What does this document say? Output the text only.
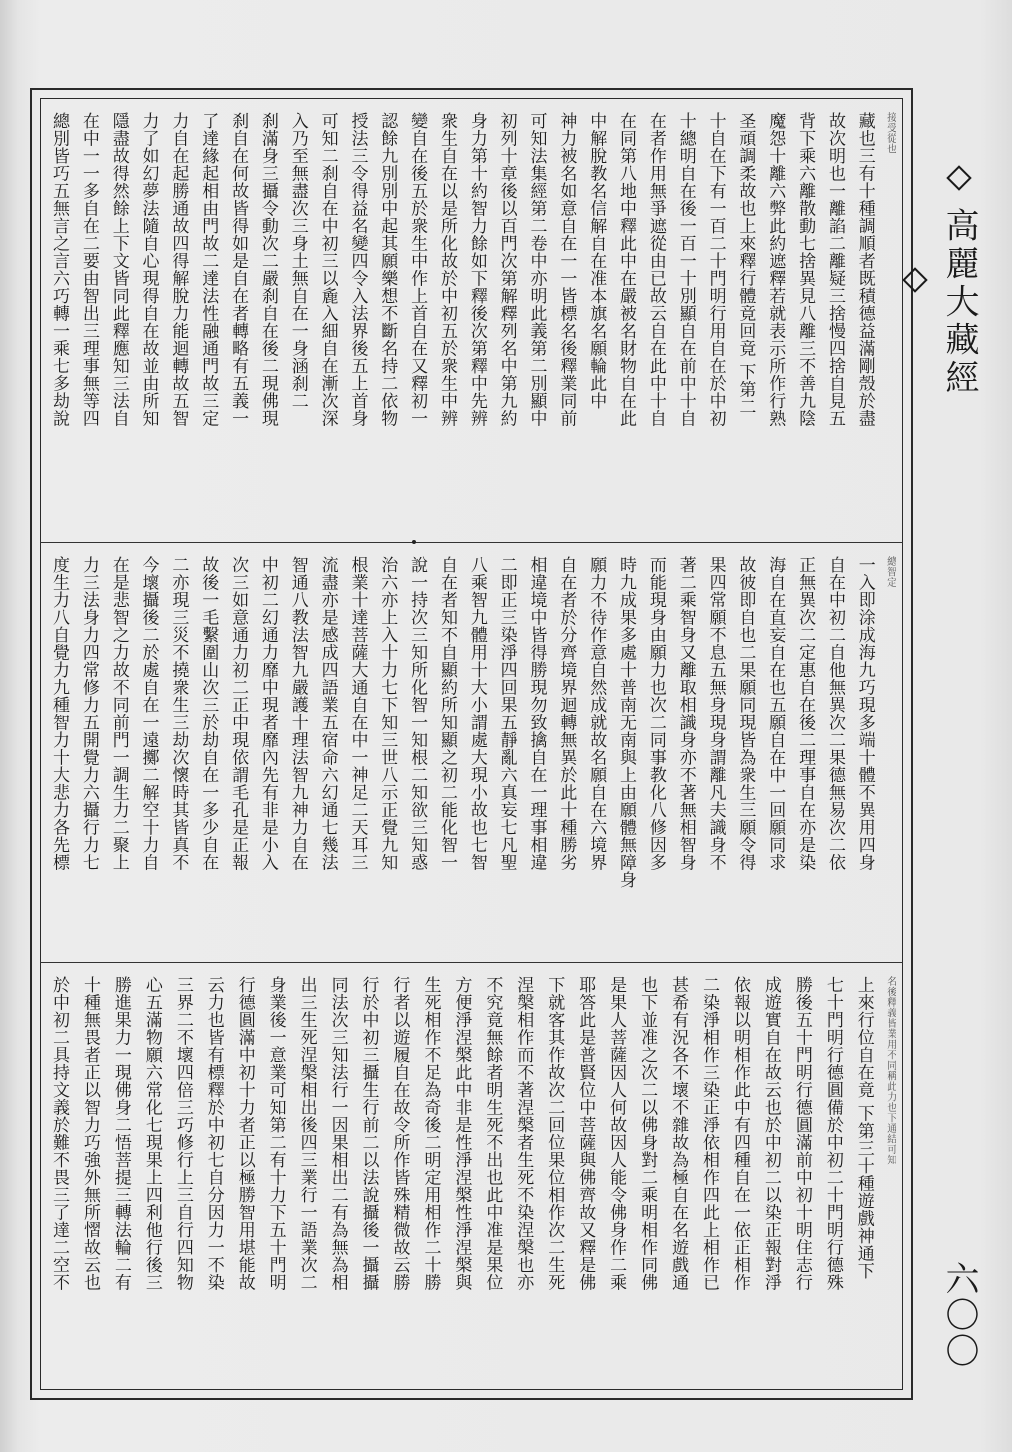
高麗大藏經
六〇〇
接受從也
藏也三有十種調順者既積德益滿剛殼於盡
故次明也一離諂二離疑三捨慢四捨自見五
背下乘六離散動七捨異見八離三不善九陰
魔怨十離六弊此約遮釋若就表示所作行熟
圣頑調柔故也上來釋行體竟回竟 下第二
十自在下有一百二十門明行用自在於中初
十總明自在後一百一十別顯自在前中十自
在者作用無爭遮從由已故云自在此中十自
在同第八地中釋此中在嚴被名財物自在此
中解脫教名信解自在准本旗名願輪此中
神力被名如意自在一一皆標名後釋業同前
可知法集經第二卷中亦明此義第二別顯中
初列十章後以百門次第解釋列名中第九約
身力第十約智力餘如下釋後次第釋中先辨
衆生自在以是所化故於中初五於衆生中辨
變自在後五於衆生中作上首自在又釋初一
認餘九別別中起其願樂想不斷名持二依物
授法三令得益名變四令入法界後五上首身
可知二刹自在中初三以麁入細自在漸次深
入乃至無盡次三身土無自在一身涵刹二
刹滿身三攝令動次二嚴刹自在後二現佛現
刹自在何故皆得如是自在者轉略有五義一
了達緣起相由門故二達法性融通門故三定
力自在起勝通故四得解脫力能迴轉故五智
力了如幻夢法隨自心現得自在故並由所知
隱盡故得然餘上下文皆同此釋應知三法自
在中一一多自在二要由智出三理事無等四
總別皆巧五無言之言六巧轉一乘七多劫說
總智定
一入即涂成海九巧現多端十體不異用四身
自在中初二自他無異次二果德無易次二依
正無異次二定惠自在後二理事自在亦是染
海自在直妄自在也五願自在中一回願同求
故彼即自也二果願同現皆為衆生三願令得
果四常願不息五無身現身謂離凡夫識身不
著二乘智身又離取相識身亦不著無相智身
而能現身由願力也次二同事教化八修因多
時九成果多處十普南无南與上由願體無障身
願力不待作意自然成就故名願自在六境界
自在者於分齊境界迴轉無異於此十種勝劣
相違境中皆得勝現勿致擒自在一理事相違
二即正三染淨四回果五靜亂六真妄七凡聖
八乘智九體用十大小謂處大現小故也七智
自在者知不自顯約所知顯之初二能化智一
說一持次三知所化智一知根二知欲三知惑
治六亦上入十力七下知三世八示正覺九知
根業十達菩薩大通自在中一神足二天耳三
流盡亦是感成四語業五宿命六幻通七幾法
智通八教法智九嚴護十理法智九神力自在
中初二幻通力靡中現者靡內先有非是小入
次三如意通力初二正中現依謂毛孔是正報
故後一毛繫圍山次三於劫自在一多少自在
二亦現三災不撓衆生三劫次懷時其皆真不
今壞攝後二於處自在一遠擲二解空十力自
在是悲智之力故不同前門一調生力二聚上
力三法身力四常修力五開覺力六攝行力七
度生力八自覺力九種智力十大悲力各先標
名後釋義皆業用不同稱此力也下通結可知
上來行位自在竟 下第三十種遊戲神通下
七十門明行德圓備於中初二十門明行德殊
勝後五十門明行德圓滿前中初十明住志行
成遊實自在故云也於中初二以染正報對淨
依報以明相作此中有四種自在一依正相作
二染淨相作三染正淨依相作四此上相作已
甚希有況各不壞不雜故為極自在名遊戲通
也下並准之次二以佛身對二乘明相作同佛
是果人菩薩因人何故因人能令佛身作二乘
耶答此是普賢位中菩薩與佛齊故又釋是佛
下就客其作故次二回位果位相作次二生死
涅槃相作而不著涅槃者生死不染涅槃也亦
不究竟無餘者明生死不出也此中准是果位
方便淨涅槃此中非是性淨涅槃性淨涅槃與
生死相作不足為奇後二明定用相作二十勝
行者以遊履自在故令所作皆殊精微故云勝
行於中初三攝生行前二以法說攝後一攝攝
同法次三知法行一因果相出二有為無為相
出三生死涅槃相出後四三業行一語業次二
身業後一意業可知第二有十力下五十門明
行德圓滿中初十力者正以極勝智用堪能故
云力也皆有標釋於中初七自分因力一不染
三界二不壞四倍三巧修行上三自行四知物
心五滿物願六常化七現果上四利他行後三
勝進果力一現佛身二悟菩提三轉法輪二有
十種無畏者正以智力巧強外無所慴故云也
於中初二具持文義於難不畏三了達二空不
